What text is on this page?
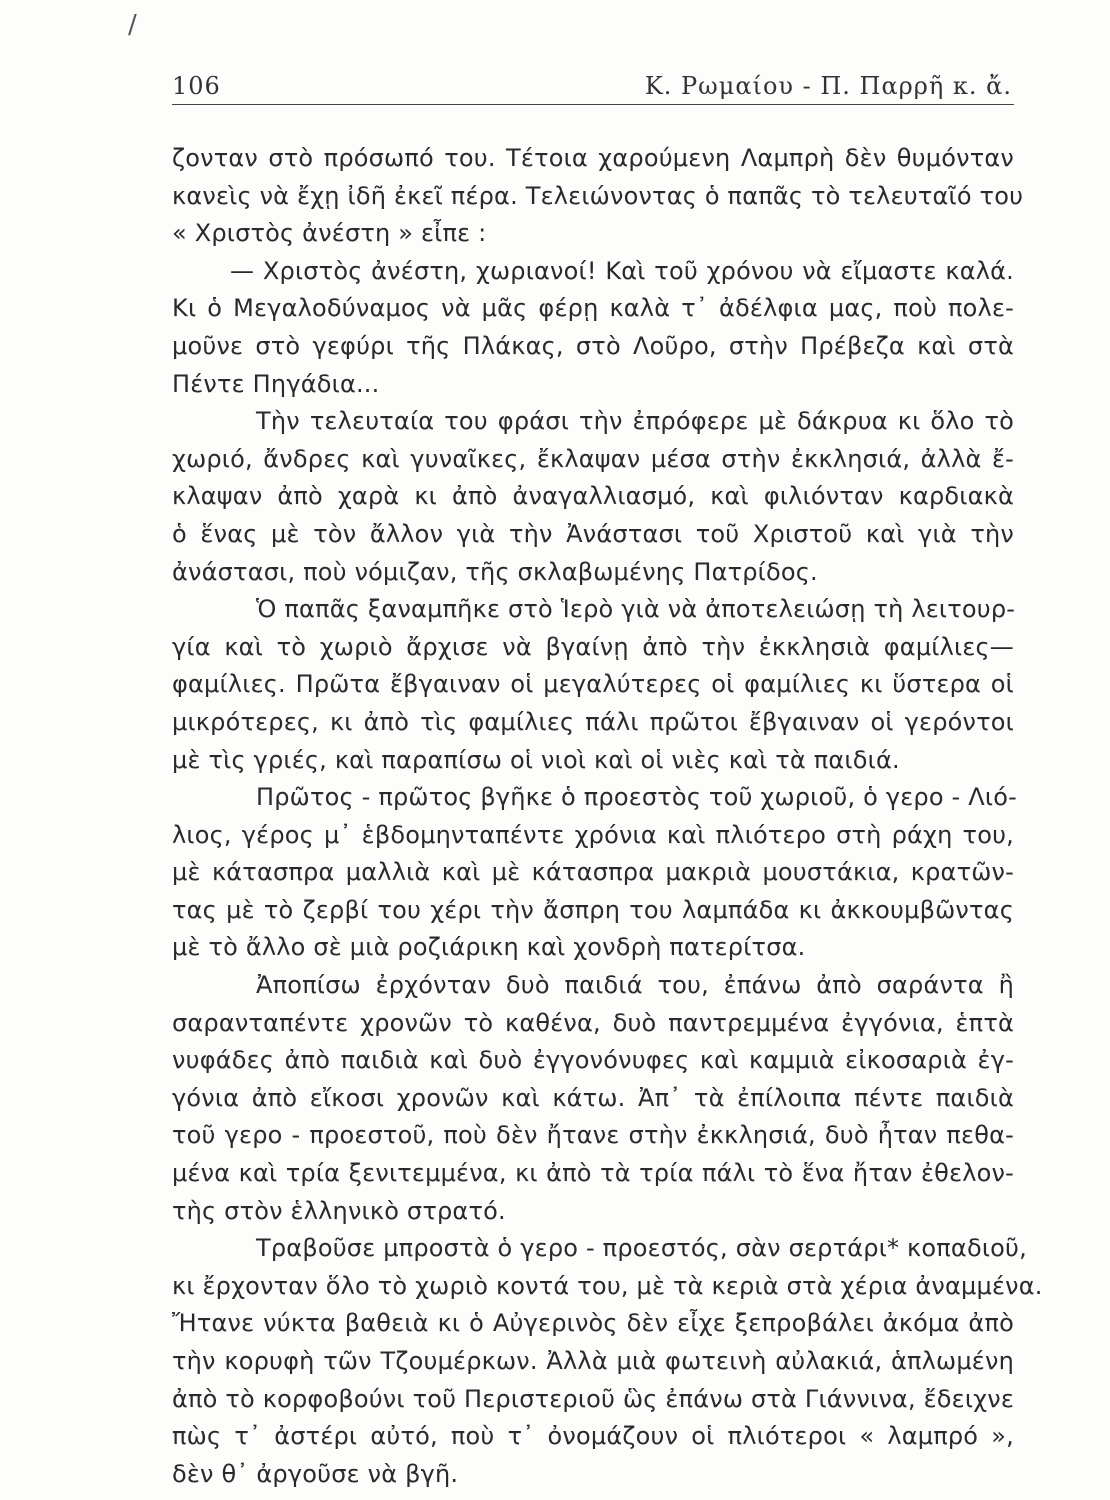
/
106	Κ. Ρωμαίου - Π. Παρρῆ κ. ἄ.
ζονταν στὸ πρόσωπό του. Τέτοια χαρούμενη Λαμπρὴ δὲν θυμόνταν
κανεὶς νὰ ἔχῃ ἰδῆ ἐκεῖ πέρα. Τελειώνοντας ὁ παπᾶς τὸ τελευταῖό του
« Χριστὸς ἀνέστη » εἶπε :
— Χριστὸς ἀνέστη, χωριανοί! Καὶ τοῦ χρόνου νὰ εἴμαστε καλά.
Κι ὁ Μεγαλοδύναμος νὰ μᾶς φέρῃ καλὰ τ᾿ ἀδέλφια μας, ποὺ πολε-
μοῦνε στὸ γεφύρι τῆς Πλάκας, στὸ Λοῦρο, στὴν Πρέβεζα καὶ στὰ
Πέντε Πηγάδια...
Τὴν τελευταία του φράσι τὴν ἐπρόφερε μὲ δάκρυα κι ὅλο τὸ
χωριό, ἄνδρες καὶ γυναῖκες, ἔκλαψαν μέσα στὴν ἐκκλησιά, ἀλλὰ ἔ-
κλαψαν ἀπὸ χαρὰ κι ἀπὸ ἀναγαλλιασμό, καὶ φιλιόνταν καρδιακὰ
ὁ ἕνας μὲ τὸν ἄλλον γιὰ τὴν Ἀνάστασι τοῦ Χριστοῦ καὶ γιὰ τὴν
ἀνάστασι, ποὺ νόμιζαν, τῆς σκλαβωμένης Πατρίδος.
Ὁ παπᾶς ξαναμπῆκε στὸ Ἱερὸ γιὰ νὰ ἀποτελειώσῃ τὴ λειτουρ-
γία καὶ τὸ χωριὸ ἄρχισε νὰ βγαίνῃ ἀπὸ τὴν ἐκκλησιὰ φαμίλιες—
φαμίλιες. Πρῶτα ἔβγαιναν οἱ μεγαλύτερες οἱ φαμίλιες κι ὕστερα οἱ
μικρότερες, κι ἀπὸ τὶς φαμίλιες πάλι πρῶτοι ἔβγαιναν οἱ γερόντοι
μὲ τὶς γριές, καὶ παραπίσω οἱ νιοὶ καὶ οἱ νιὲς καὶ τὰ παιδιά.
Πρῶτος - πρῶτος βγῆκε ὁ προεστὸς τοῦ χωριοῦ, ὁ γερο - Λιό-
λιος, γέρος μ᾿ ἑβδομηνταπέντε χρόνια καὶ πλιότερο στὴ ράχη του,
μὲ κάτασπρα μαλλιὰ καὶ μὲ κάτασπρα μακριὰ μουστάκια, κρατῶν-
τας μὲ τὸ ζερβί του χέρι τὴν ἄσπρη του λαμπάδα κι ἀκκουμβῶντας
μὲ τὸ ἄλλο σὲ μιὰ ροζιάρικη καὶ χονδρὴ πατερίτσα.
Ἀποπίσω ἐρχόνταν δυὸ παιδιά του, ἐπάνω ἀπὸ σαράντα ἢ
σαρανταπέντε χρονῶν τὸ καθένα, δυὸ παντρεμμένα ἐγγόνια, ἑπτὰ
νυφάδες ἀπὸ παιδιὰ καὶ δυὸ ἐγγονόνυφες καὶ καμμιὰ εἰκοσαριὰ ἐγ-
γόνια ἀπὸ εἴκοσι χρονῶν καὶ κάτω. Ἀπ᾿ τὰ ἐπίλοιπα πέντε παιδιὰ
τοῦ γερο - προεστοῦ, ποὺ δὲν ἤτανε στὴν ἐκκλησιά, δυὸ ἦταν πεθα-
μένα καὶ τρία ξενιτεμμένα, κι ἀπὸ τὰ τρία πάλι τὸ ἕνα ἤταν ἐθελον-
τὴς στὸν ἑλληνικὸ στρατό.
Τραβοῦσε μπροστὰ ὁ γερο - προεστός, σὰν σερτάρι* κοπαδιοῦ,
κι ἔρχονταν ὅλο τὸ χωριὸ κοντά του, μὲ τὰ κεριὰ στὰ χέρια ἀναμμένα.
Ἤτανε νύκτα βαθειὰ κι ὁ Αὐγερινὸς δὲν εἶχε ξεπροβάλει ἀκόμα ἀπὸ
τὴν κορυφὴ τῶν Τζουμέρκων. Ἀλλὰ μιὰ φωτεινὴ αὐλακιά, ἁπλωμένη
ἀπὸ τὸ κορφοβούνι τοῦ Περιστεριοῦ ὣς ἐπάνω στὰ Γιάννινα, ἔδειχνε
πὼς τ᾿ ἀστέρι αὐτό, ποὺ τ᾿ ὀνομάζουν οἱ πλιότεροι « λαμπρό »,
δὲν θ᾿ ἀργοῦσε νὰ βγῆ.
